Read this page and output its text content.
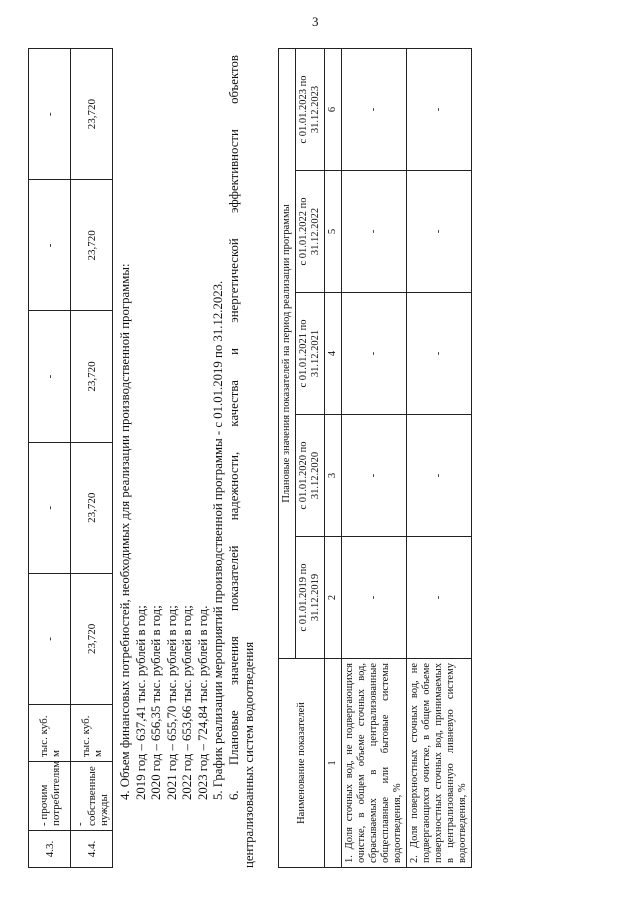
3
4.3.	- прочим потребителям	тыс. куб. м	-	-	-	-	-
4.4.	- собственные нужды	тыс. куб. м	23,720	23,720	23,720	23,720	23,720
4. Объем финансовых потребностей, необходимых для реализации производственной программы: 2019 год – 637,41 тыс. рублей в год; 2020 год – 656,35 тыс. рублей в год; 2021 год – 655,70 тыс. рублей в год; 2022 год – 653,66 тыс. рублей в год; 2023 год – 724,84 тыс. рублей в год. 5. График реализации мероприятий производственной программы - с 01.01.2019 по 31.12.2023. 6.
Плановые
значения
показателей
надежности,
качества
и
энергетической
эффективности
объектов
централизованных систем водоотведения	Наименование показателей	Плановые значения показателей на период реализации программы				
	с 01.01.2019 по 31.12.2019	с 01.01.2020 по 31.12.2020	с 01.01.2021 по 31.12.2021	с 01.01.2022 по 31.12.2022	с 01.01.2023 по 31.12.2023
1	2	3	4	5	6
1. Доля сточных вод, не подвергающихся очистке, в общем объеме сточных вод, сбрасываемых в централизованные общесплавные или бытовые системы водоотведения, %	-	-	-	-	-
2. Доля поверхностных сточных вод, не подвергающихся очистке, в общем объеме поверхностных сточных вод, принимаемых в централизованную ливневую систему водоотведения, %	-	-	-	-	-
